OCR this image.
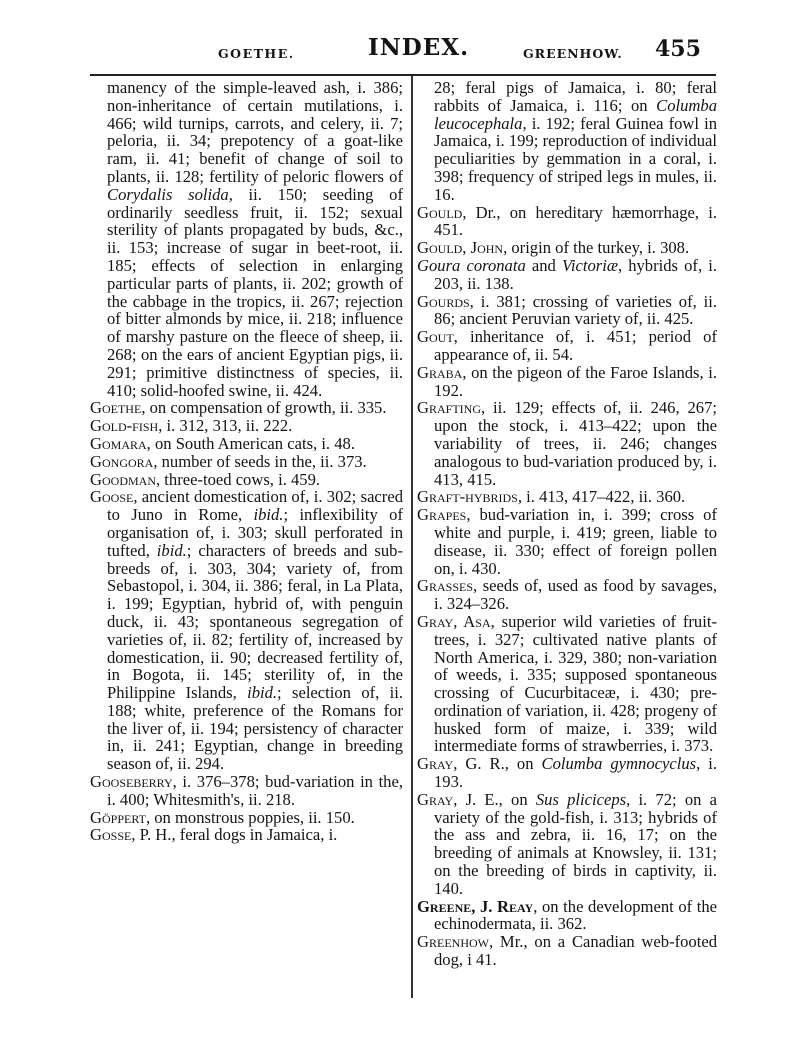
GOETHE.	INDEX.	GREENHOW. 455

manency of the simple-leaved ash, i. 386; non-inheritance of certain mutilations, i. 466; wild turnips, carrots, and celery, ii. 7; peloria, ii. 34; prepotency of a goat-like ram, ii. 41; benefit of change of soil to plants, ii. 128; fertility of peloric flowers of Corydalis solida, ii. 150; seeding of ordinarily seedless fruit, ii. 152; sexual sterility of plants propagated by buds, &c., ii. 153; increase of sugar in beet-root, ii. 185; effects of selection in enlarging particular parts of plants, ii. 202; growth of the cabbage in the tropics, ii. 267; rejection of bitter almonds by mice, ii. 218; influence of marshy pasture on the fleece of sheep, ii. 268; on the ears of ancient Egyptian pigs, ii. 291; primitive distinctness of species, ii. 410; solid-hoofed swine, ii. 424.

Goethe, on compensation of growth, ii. 335.

Gold-fish, i. 312, 313, ii. 222.

Gomara, on South American cats, i. 48.

Gongora, number of seeds in the, ii. 373.

Goodman, three-toed cows, i. 459.

Goose, ancient domestication of, i. 302; sacred to Juno in Rome, ibid.; inflexibility of organisation of, i. 303; skull perforated in tufted, ibid.; characters of breeds and sub-breeds of, i. 303, 304; variety of, from Sebastopol, i. 304, ii. 386; feral, in La Plata, i. 199; Egyptian, hybrid of, with penguin duck, ii. 43; spontaneous segregation of varieties of, ii. 82; fertility of, increased by domestication, ii. 90; decreased fertility of, in Bogota, ii. 145; sterility of, in the Philippine Islands, ibid.; selection of, ii. 188; white, preference of the Romans for the liver of, ii. 194; persistency of character in, ii. 241; Egyptian, change in breeding season of, ii. 294.

Gooseberry, i. 376–378; bud-variation in the, i. 400; Whitesmith's, ii. 218.

Göppert, on monstrous poppies, ii. 150.

Gosse, P. H., feral dogs in Jamaica, i.

28; feral pigs of Jamaica, i. 80; feral rabbits of Jamaica, i. 116; on Columba leucocephala, i. 192; feral Guinea fowl in Jamaica, i. 199; reproduction of individual peculiarities by gemmation in a coral, i. 398; frequency of striped legs in mules, ii. 16.

Gould, Dr., on hereditary hæmorrhage, i. 451.

Gould, John, origin of the turkey, i. 308.

Goura coronata and Victoriæ, hybrids of, i. 203, ii. 138.

Gourds, i. 381; crossing of varieties of, ii. 86; ancient Peruvian variety of, ii. 425.

Gout, inheritance of, i. 451; period of appearance of, ii. 54.

Graba, on the pigeon of the Faroe Islands, i. 192.

Grafting, ii. 129; effects of, ii. 246, 267; upon the stock, i. 413–422; upon the variability of trees, ii. 246; changes analogous to bud-variation produced by, i. 413, 415.

Graft-hybrids, i. 413, 417–422, ii. 360.

Grapes, bud-variation in, i. 399; cross of white and purple, i. 419; green, liable to disease, ii. 330; effect of foreign pollen on, i. 430.

Grasses, seeds of, used as food by savages, i. 324–326.

Gray, Asa, superior wild varieties of fruit-trees, i. 327; cultivated native plants of North America, i. 329, 380; non-variation of weeds, i. 335; supposed spontaneous crossing of Cucurbitaceæ, i. 430; pre-ordination of variation, ii. 428; progeny of husked form of maize, i. 339; wild intermediate forms of strawberries, i. 373.

Gray, G. R., on Columba gymnocyclus, i. 193.

Gray, J. E., on Sus pliciceps, i. 72; on a variety of the gold-fish, i. 313; hybrids of the ass and zebra, ii. 16, 17; on the breeding of animals at Knowsley, ii. 131; on the breeding of birds in captivity, ii. 140.

Greene, J. Reay, on the development of the echinodermata, ii. 362.

Greenhow, Mr., on a Canadian web-footed dog, i 41.
